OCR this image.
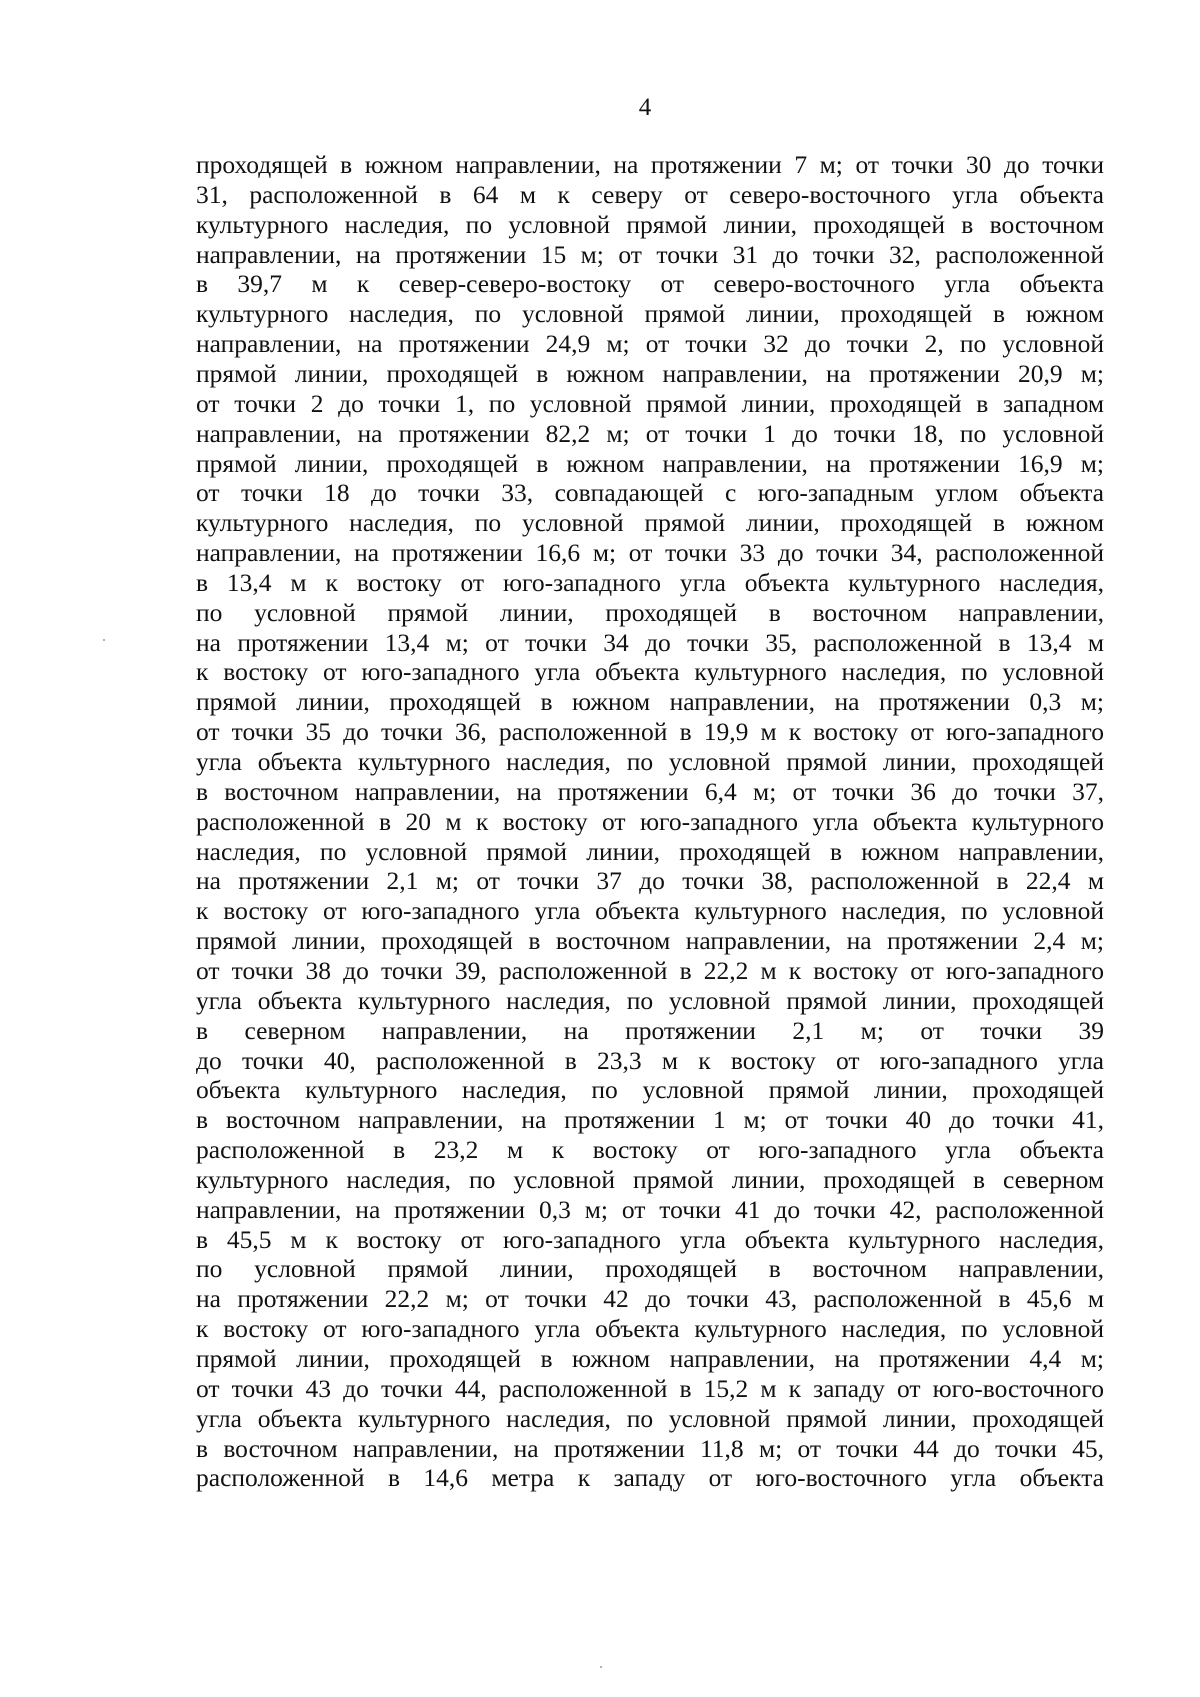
4
проходящей в южном направлении, на протяжении 7 м; от точки 30 до точки
31, расположенной в 64 м к северу от северо-восточного угла объекта
культурного наследия, по условной прямой линии, проходящей в восточном
направлении, на протяжении 15 м; от точки 31 до точки 32, расположенной
в 39,7 м к север-северо-востоку от северо-восточного угла объекта
культурного наследия, по условной прямой линии, проходящей в южном
направлении, на протяжении 24,9 м; от точки 32 до точки 2, по условной
прямой линии, проходящей в южном направлении, на протяжении 20,9 м;
от точки 2 до точки 1, по условной прямой линии, проходящей в западном
направлении, на протяжении 82,2 м; от точки 1 до точки 18, по условной
прямой линии, проходящей в южном направлении, на протяжении 16,9 м;
от точки 18 до точки 33, совпадающей с юго-западным углом объекта
культурного наследия, по условной прямой линии, проходящей в южном
направлении, на протяжении 16,6 м; от точки 33 до точки 34, расположенной
в 13,4 м к востоку от юго-западного угла объекта культурного наследия,
по условной прямой линии, проходящей в восточном направлении,
на протяжении 13,4 м; от точки 34 до точки 35, расположенной в 13,4 м
к востоку от юго-западного угла объекта культурного наследия, по условной
прямой линии, проходящей в южном направлении, на протяжении 0,3 м;
от точки 35 до точки 36, расположенной в 19,9 м к востоку от юго-западного
угла объекта культурного наследия, по условной прямой линии, проходящей
в восточном направлении, на протяжении 6,4 м; от точки 36 до точки 37,
расположенной в 20 м к востоку от юго-западного угла объекта культурного
наследия, по условной прямой линии, проходящей в южном направлении,
на протяжении 2,1 м; от точки 37 до точки 38, расположенной в 22,4 м
к востоку от юго-западного угла объекта культурного наследия, по условной
прямой линии, проходящей в восточном направлении, на протяжении 2,4 м;
от точки 38 до точки 39, расположенной в 22,2 м к востоку от юго-западного
угла объекта культурного наследия, по условной прямой линии, проходящей
в северном направлении, на протяжении 2,1 м; от точки 39
до точки 40, расположенной в 23,3 м к востоку от юго-западного угла
объекта культурного наследия, по условной прямой линии, проходящей
в восточном направлении, на протяжении 1 м; от точки 40 до точки 41,
расположенной в 23,2 м к востоку от юго-западного угла объекта
культурного наследия, по условной прямой линии, проходящей в северном
направлении, на протяжении 0,3 м; от точки 41 до точки 42, расположенной
в 45,5 м к востоку от юго-западного угла объекта культурного наследия,
по условной прямой линии, проходящей в восточном направлении,
на протяжении 22,2 м; от точки 42 до точки 43, расположенной в 45,6 м
к востоку от юго-западного угла объекта культурного наследия, по условной
прямой линии, проходящей в южном направлении, на протяжении 4,4 м;
от точки 43 до точки 44, расположенной в 15,2 м к западу от юго-восточного
угла объекта культурного наследия, по условной прямой линии, проходящей
в восточном направлении, на протяжении 11,8 м; от точки 44 до точки 45,
расположенной в 14,6 метра к западу от юго-восточного угла объекта
